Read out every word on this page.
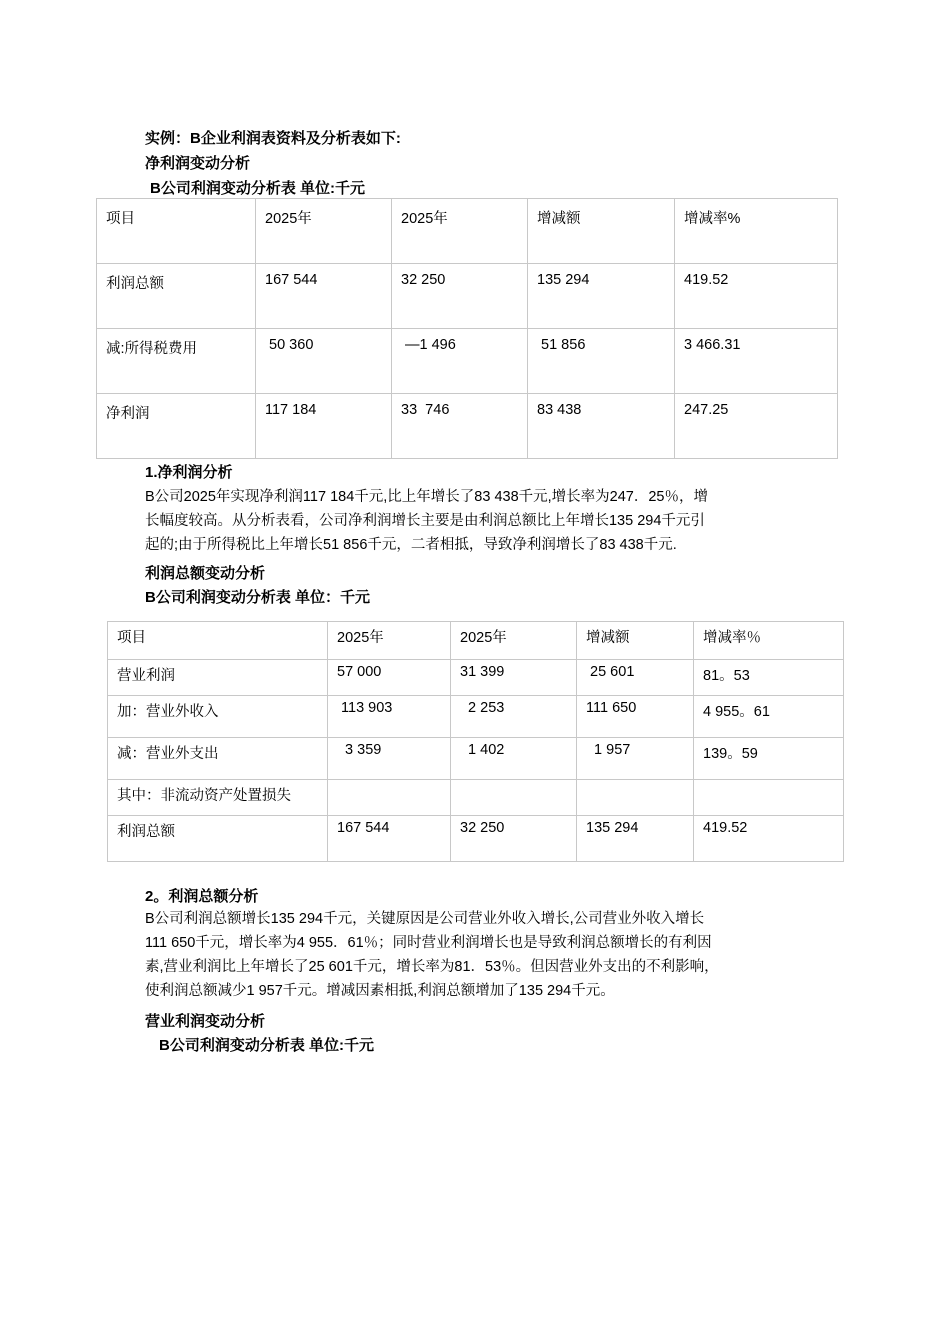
实例：B企业利润表资料及分析表如下:
净利润变动分析
B公司利润变动分析表 单位:千元
项目	2025年	2025年	增减额	增减率%
利润总额	167 544	32 250	135 294	419.52
减:所得税费用	50 360	—1 496	51 856	3 466.31
净利润	117 184	33  746	83 438	247.25
1.净利润分析
B公司2025年实现净利润117 184千元,比上年增长了83 438千元,增长率为247．25％，增
长幅度较高。从分析表看，公司净利润增长主要是由利润总额比上年增长135 294千元引
起的;由于所得税比上年增长51 856千元，二者相抵，导致净利润增长了83 438千元.
利润总额变动分析
B公司利润变动分析表 单位：千元
项目	2025年	2025年	增减额	增减率％
营业利润	57 000	31 399	25 601	81。53
加：营业外收入	113 903	2 253	111 650	4 955。61
减：营业外支出	3 359	1 402	1 957	139。59
其中：非流动资产处置损失				
利润总额	167 544	32 250	135 294	419.52
2。利润总额分析
B公司利润总额增长135 294千元，关键原因是公司营业外收入增长,公司营业外收入增长
111 650千元，增长率为4 955．61％；同时营业利润增长也是导致利润总额增长的有利因
素,营业利润比上年增长了25 601千元，增长率为81．53％。但因营业外支出的不利影响，
使利润总额减少1 957千元。增减因素相抵,利润总额增加了135 294千元。
营业利润变动分析
B公司利润变动分析表 单位:千元
